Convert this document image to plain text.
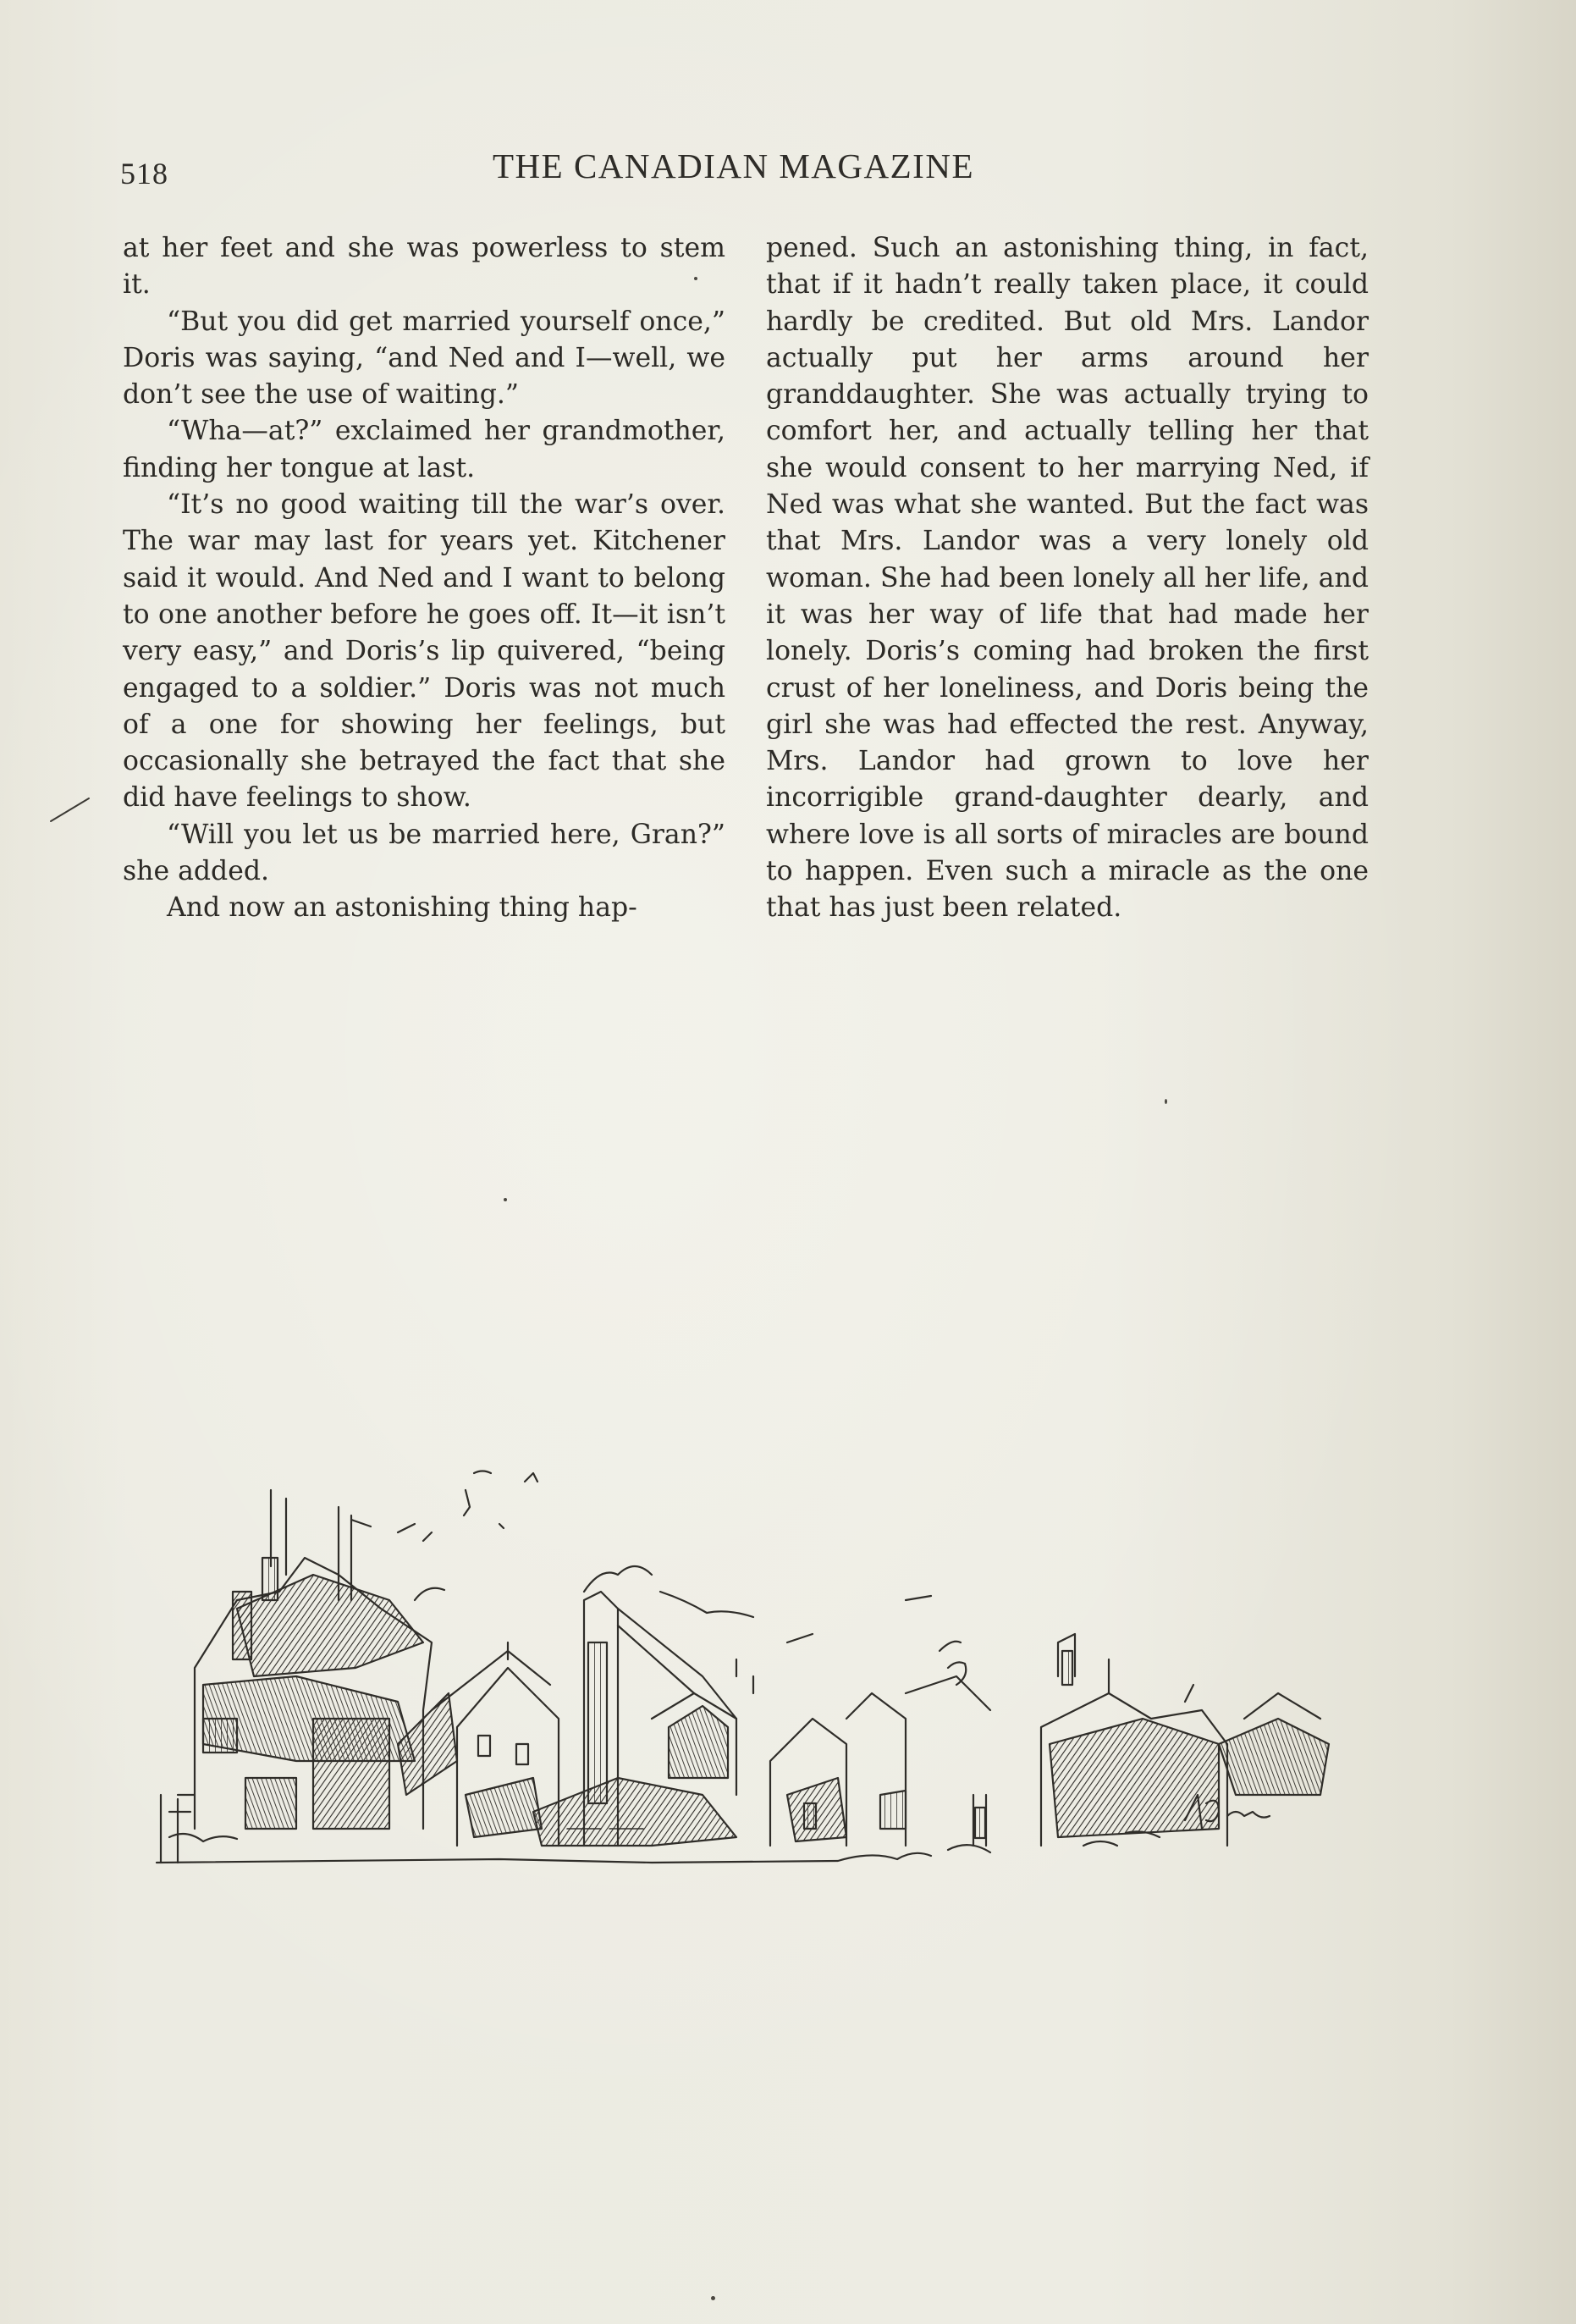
518	THE CANADIAN MAGAZINE

at her feet and she was powerless to stem it.

“But you did get married yourself once,” Doris was saying, “and Ned and I—well, we don’t see the use of waiting.”

“Wha—at?” exclaimed her grandmother, finding her tongue at last.

“It’s no good waiting till the war’s over. The war may last for years yet. Kitchener said it would. And Ned and I want to belong to one another before he goes off. It—it isn’t very easy,” and Doris’s lip quivered, “being engaged to a soldier.” Doris was not much of a one for showing her feelings, but occasionally she betrayed the fact that she did have feelings to show.

“Will you let us be married here, Gran?” she added.

And now an astonishing thing hap-

pened. Such an astonishing thing, in fact, that if it hadn’t really taken place, it could hardly be credited. But old Mrs. Landor actually put her arms around her granddaughter. She was actually trying to comfort her, and actually telling her that she would consent to her marrying Ned, if Ned was what she wanted. But the fact was that Mrs. Landor was a very lonely old woman. She had been lonely all her life, and it was her way of life that had made her lonely. Doris’s coming had broken the first crust of her loneliness, and Doris being the girl she was had effected the rest. Anyway, Mrs. Landor had grown to love her incorrigible grand-daughter dearly, and where love is all sorts of miracles are bound to happen. Even such a miracle as the one that has just been related.
